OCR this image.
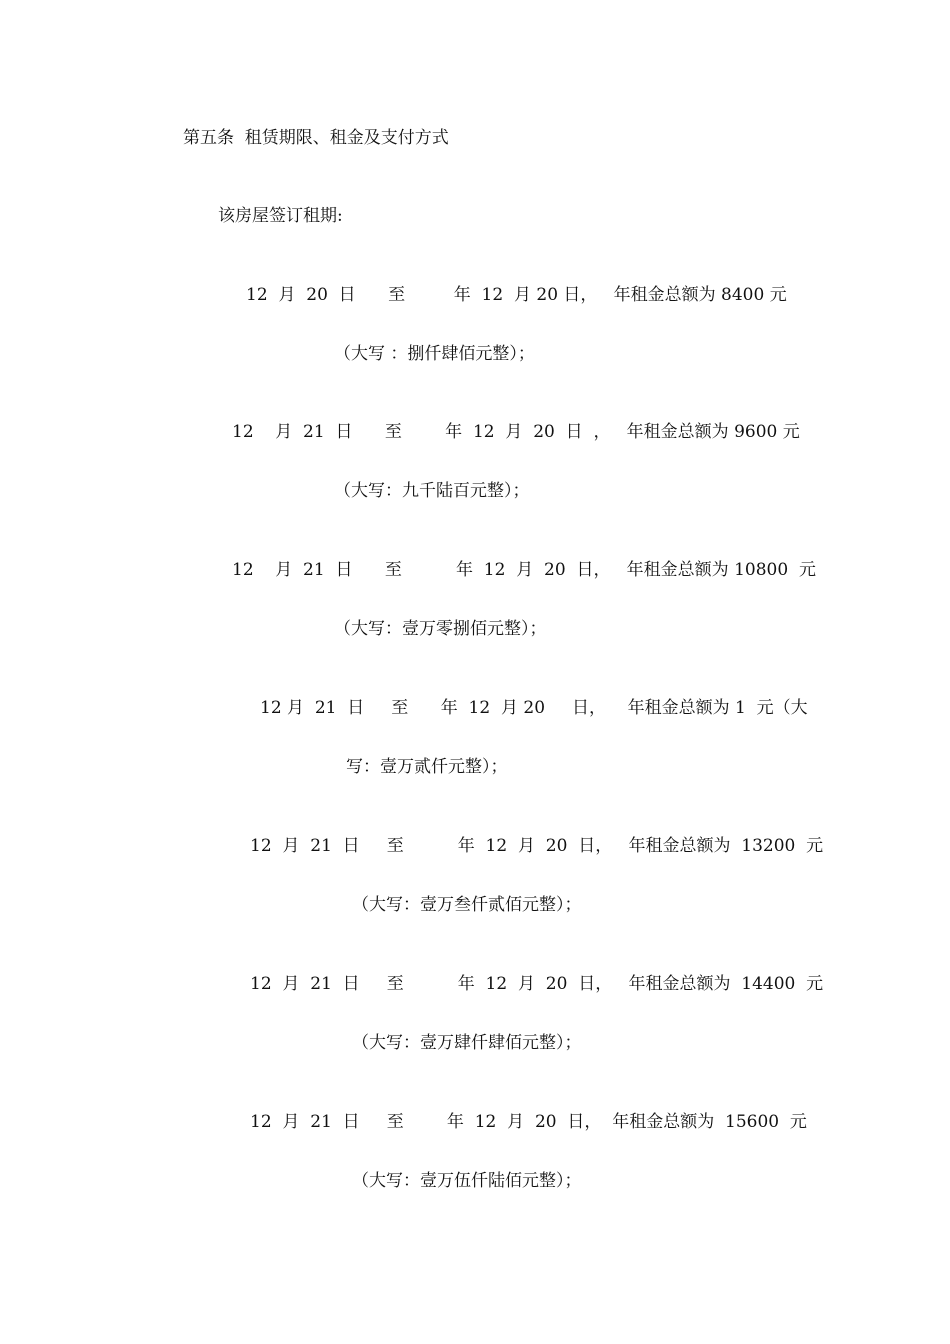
第五条  租赁期限、租金及支付方式
该房屋签订租期:
12  月  20  日      至         年  12  月 20 日，   年租金总额为 8400 元
（大写 ：捌仟肆佰元整）；
12    月  21  日      至        年  12  月  20  日  ，   年租金总额为 9600 元
（大写：九千陆百元整）；
12    月  21  日      至          年  12  月  20  日，   年租金总额为 10800  元
（大写：壹万零捌佰元整）；
12 月  21  日     至      年  12  月 20     日，    年租金总额为 1  元（大
写：壹万贰仟元整）；
12  月  21  日     至          年  12  月  20  日，   年租金总额为  13200  元
（大写：壹万叁仟贰佰元整）；
12  月  21  日     至          年  12  月  20  日，   年租金总额为  14400  元
（大写：壹万肆仟肆佰元整）；
12  月  21  日     至        年  12  月  20  日，  年租金总额为  15600  元
（大写：壹万伍仟陆佰元整）；
